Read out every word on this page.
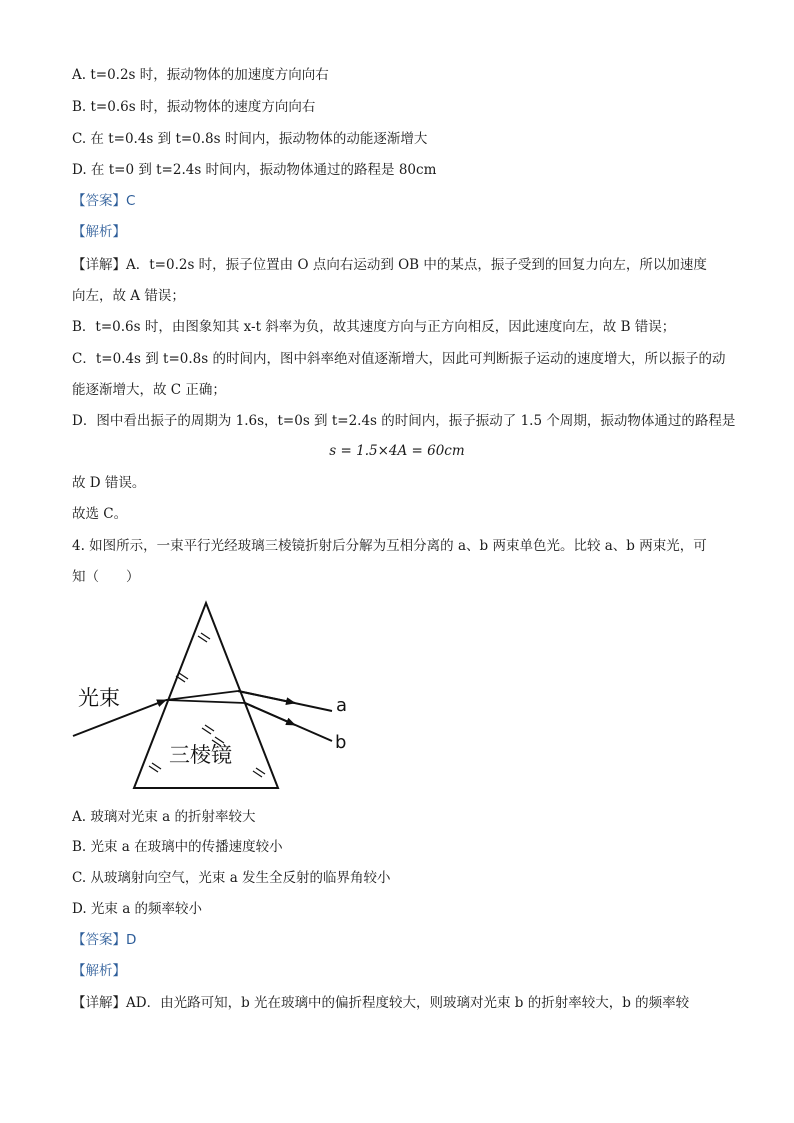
A. t=0.2s 时，振动物体的加速度方向向右
B. t=0.6s 时，振动物体的速度方向向右
C. 在 t=0.4s 到 t=0.8s 时间内，振动物体的动能逐渐增大
D. 在 t=0 到 t=2.4s 时间内，振动物体通过的路程是 80cm
【答案】C
【解析】
【详解】A．t=0.2s 时，振子位置由 O 点向右运动到 OB 中的某点，振子受到的回复力向左，所以加速度
向左，故 A 错误；
B．t=0.6s 时，由图象知其 x-t 斜率为负，故其速度方向与正方向相反，因此速度向左，故 B 错误；
C．t=0.4s 到 t=0.8s 的时间内，图中斜率绝对值逐渐增大，因此可判断振子运动的速度增大，所以振子的动
能逐渐增大，故 C 正确；
D．图中看出振子的周期为 1.6s，t=0s 到 t=2.4s 的时间内，振子振动了 1.5 个周期，振动物体通过的路程是
s = 1.5×4A = 60cm
故 D 错误。
故选 C。
4. 如图所示，一束平行光经玻璃三棱镜折射后分解为互相分离的 a、b 两束单色光。比较 a、b 两束光，可
知（　　）
光束
三棱镜
a
b
A. 玻璃对光束 a 的折射率较大
B. 光束 a 在玻璃中的传播速度较小
C. 从玻璃射向空气，光束 a 发生全反射的临界角较小
D. 光束 a 的频率较小
【答案】D
【解析】
【详解】AD．由光路可知，b 光在玻璃中的偏折程度较大，则玻璃对光束 b 的折射率较大，b 的频率较
